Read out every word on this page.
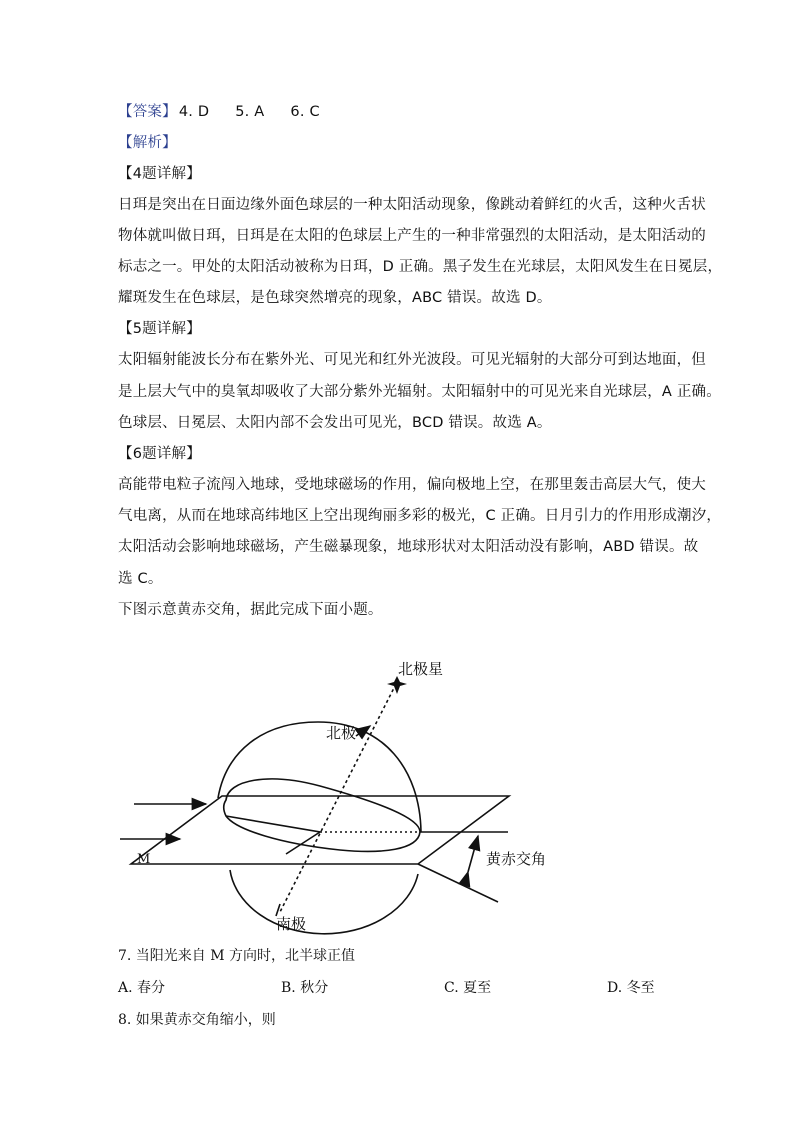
【答案】 4. D 5. A 6. C
【解析】
【4题详解】
日珥是突出在日面边缘外面色球层的一种太阳活动现象，像跳动着鲜红的火舌，这种火舌状
物体就叫做日珥，日珥是在太阳的色球层上产生的一种非常强烈的太阳活动，是太阳活动的
标志之一。甲处的太阳活动被称为日珥，D 正确。黑子发生在光球层，太阳风发生在日冕层，
耀斑发生在色球层，是色球突然增亮的现象，ABC 错误。故选 D。
【5题详解】
太阳辐射能波长分布在紫外光、可见光和红外光波段。可见光辐射的大部分可到达地面，但
是上层大气中的臭氧却吸收了大部分紫外光辐射。太阳辐射中的可见光来自光球层，A 正确。
色球层、日冕层、太阳内部不会发出可见光，BCD 错误。故选 A。
【6题详解】
高能带电粒子流闯入地球，受地球磁场的作用，偏向极地上空，在那里轰击高层大气，使大
气电离，从而在地球高纬地区上空出现绚丽多彩的极光，C 正确。日月引力的作用形成潮汐，
太阳活动会影响地球磁场，产生磁暴现象，地球形状对太阳活动没有影响，ABD 错误。故
选 C。
下图示意黄赤交角，据此完成下面小题。
北极星
北极
南极
黄赤交角
M
7. 当阳光来自 M 方向时，北半球正值
A. 春分	B. 秋分	C. 夏至	D. 冬至
8. 如果黄赤交角缩小，则
